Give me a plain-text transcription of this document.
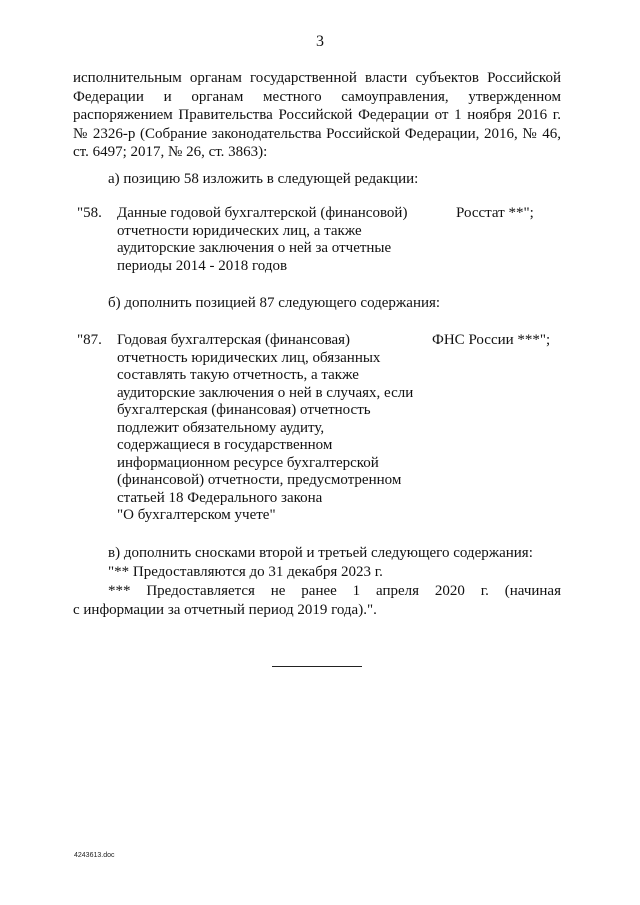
3
исполнительным органам государственной власти субъектов Российской
Федерации и органам местного самоуправления, утвержденном
распоряжением Правительства Российской Федерации от 1 ноября 2016 г.
№ 2326-р (Собрание законодательства Российской Федерации, 2016, № 46,
ст. 6497; 2017, № 26, ст. 3863):
а) позицию 58 изложить в следующей редакции:
"58. Данные годовой бухгалтерской (финансовой)
отчетности юридических лиц, а также
аудиторские заключения о ней за отчетные
периоды 2014 - 2018 годов
Росстат **";
б) дополнить позицией 87 следующего содержания:
"87. Годовая бухгалтерская (финансовая)
отчетность юридических лиц, обязанных
составлять такую отчетность, а также
аудиторские заключения о ней в случаях, если
бухгалтерская (финансовая) отчетность
подлежит обязательному аудиту,
содержащиеся в государственном
информационном ресурсе бухгалтерской
(финансовой) отчетности, предусмотренном
статьей 18 Федерального закона
"О бухгалтерском учете"
ФНС России ***";
в) дополнить сносками второй и третьей следующего содержания:
"** Предоставляются до 31 декабря 2023 г.
*** Предоставляется не ранее 1 апреля 2020 г. (начиная
с информации за отчетный период 2019 года).".
4243613.doc
